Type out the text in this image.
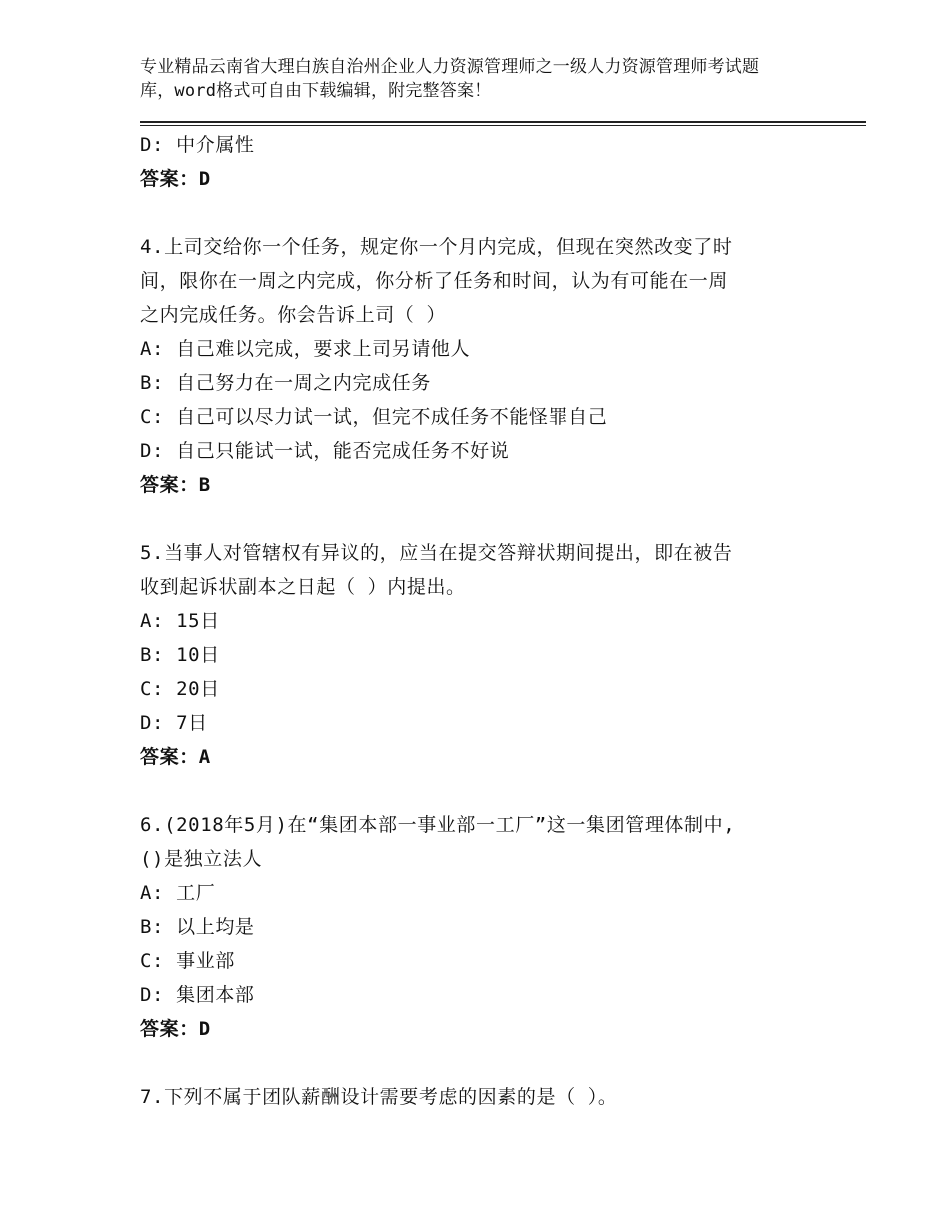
专业精品云南省大理白族自治州企业人力资源管理师之一级人力资源管理师考试题
库，word格式可自由下载编辑，附完整答案！
D: 中介属性
答案：D
4.上司交给你一个任务，规定你一个月内完成，但现在突然改变了时
间，限你在一周之内完成，你分析了任务和时间，认为有可能在一周
之内完成任务。你会告诉上司（ ）
A: 自己难以完成，要求上司另请他人
B: 自己努力在一周之内完成任务
C: 自己可以尽力试一试，但完不成任务不能怪罪自己
D: 自己只能试一试，能否完成任务不好说
答案：B
5.当事人对管辖权有异议的，应当在提交答辩状期间提出，即在被告
收到起诉状副本之日起（ ）内提出。
A: 15日
B: 10日
C: 20日
D: 7日
答案：A
6.(2018年5月)在“集团本部一事业部一工厂”这一集团管理体制中,
()是独立法人
A: 工厂
B: 以上均是
C: 事业部
D: 集团本部
答案：D
7.下列不属于团队薪酬设计需要考虑的因素的是（ ）。
